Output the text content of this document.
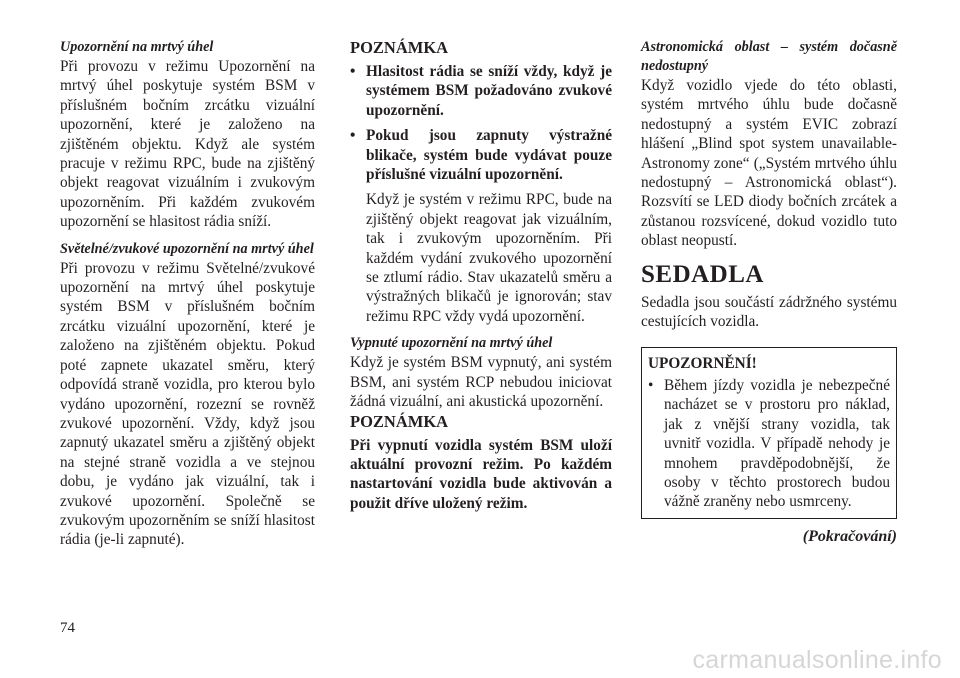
Upozornění na mrtvý úhel

Při provozu v režimu Upozornění na mrtvý úhel poskytuje systém BSM v příslušném bočním zrcátku vizuální upozornění, které je založeno na zjištěném objektu. Když ale systém pracuje v režimu RPC, bude na zjištěný objekt reagovat vizuálním i zvukovým upozorněním. Při každém zvukovém upozornění se hlasitost rádia sníží.

Světelné/zvukové upozornění na mrtvý úhel

Při provozu v režimu Světelné/zvukové upozornění na mrtvý úhel poskytuje systém BSM v příslušném bočním zrcátku vizuální upozornění, které je založeno na zjištěném objektu. Pokud poté zapnete ukazatel směru, který odpovídá straně vozidla, pro kterou bylo vydáno upozornění, rozezní se rovněž zvukové upozornění. Vždy, když jsou zapnutý ukazatel směru a zjištěný objekt na stejné straně vozidla a ve stejnou dobu, je vydáno jak vizuální, tak i zvukové upozornění. Společně se zvukovým upozorněním se sníží hlasitost rádia (je-li zapnuté).

POZNÁMKA

• Hlasitost rádia se sníží vždy, když je systémem BSM požadováno zvukové upozornění.
• Pokud jsou zapnuty výstražné blikače, systém bude vydávat pouze příslušné vizuální upozornění.

Když je systém v režimu RPC, bude na zjištěný objekt reagovat jak vizuálním, tak i zvukovým upozorněním. Při každém vydání zvukového upozornění se ztlumí rádio. Stav ukazatelů směru a výstražných blikačů je ignorován; stav režimu RPC vždy vydá upozornění.

Vypnuté upozornění na mrtvý úhel

Když je systém BSM vypnutý, ani systém BSM, ani systém RCP nebudou iniciovat žádná vizuální, ani akustická upozornění.

POZNÁMKA

Při vypnutí vozidla systém BSM uloží aktuální provozní režim. Po každém nastartování vozidla bude aktivován a použit dříve uložený režim.

Astronomická oblast – systém dočasně nedostupný

Když vozidlo vjede do této oblasti, systém mrtvého úhlu bude dočasně nedostupný a systém EVIC zobrazí hlášení „Blind spot system unavailable-Astronomy zone“ („Systém mrtvého úhlu nedostupný – Astronomická oblast“). Rozsvítí se LED diody bočních zrcátek a zůstanou rozsvícené, dokud vozidlo tuto oblast neopustí.

SEDADLA

Sedadla jsou součástí zádržného systému cestujících vozidla.

UPOZORNĚNÍ!

• Během jízdy vozidla je nebezpečné nacházet se v prostoru pro náklad, jak z vnější strany vozidla, tak uvnitř vozidla. V případě nehody je mnohem pravděpodobnější, že osoby v těchto prostorech budou vážně zraněny nebo usmrceny.

(Pokračování)

74
carmanualsonline.info
